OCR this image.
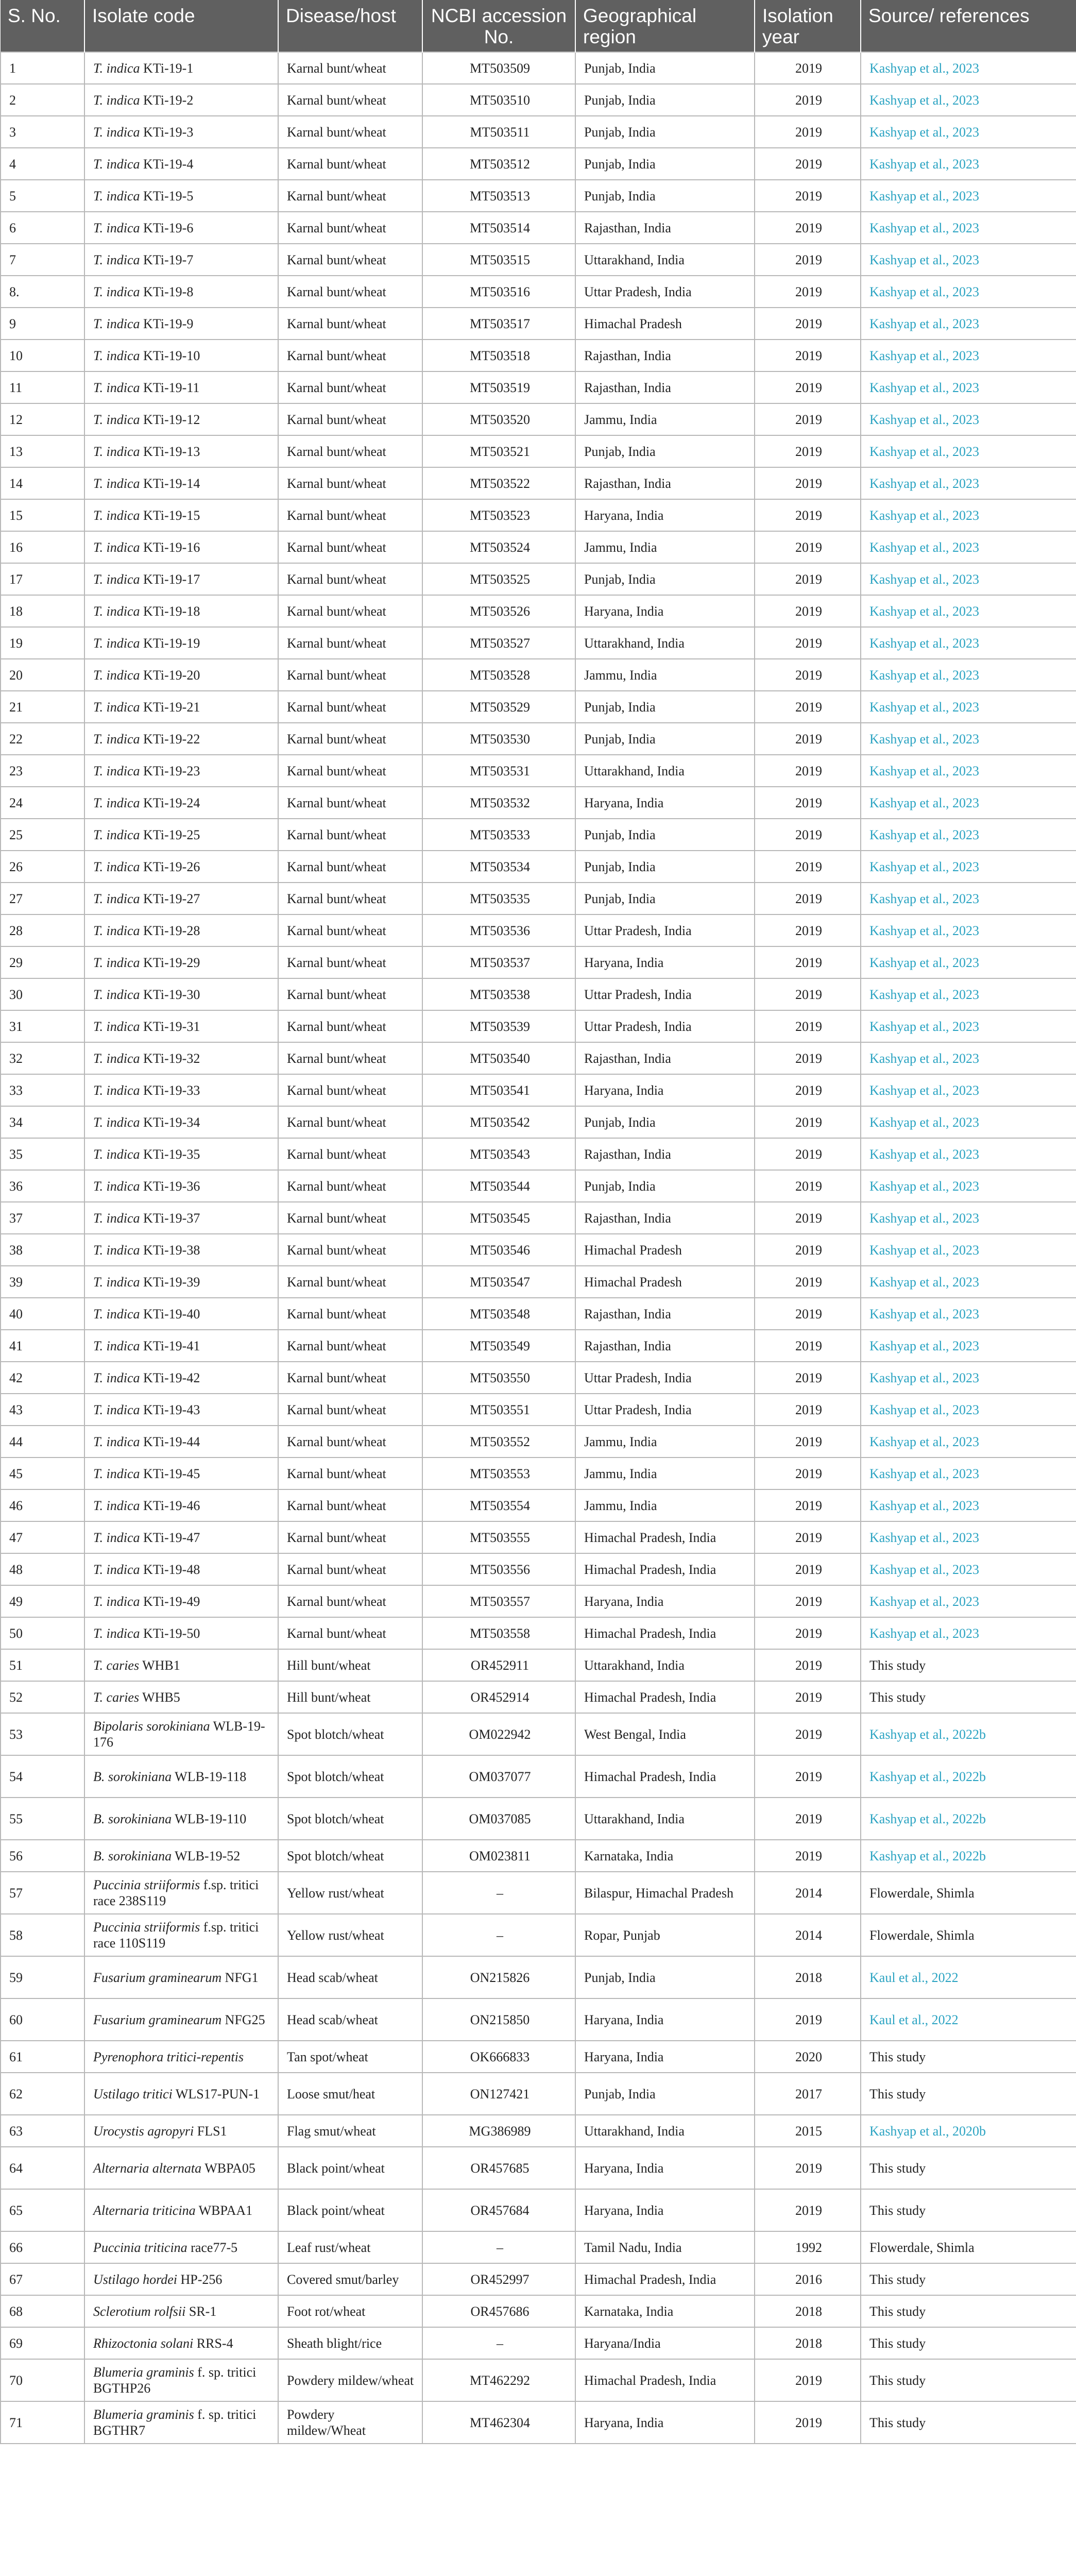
S. No.	Isolate code	Disease/host	NCBI accession No.	Geographical region	Isolation year	Source/ references
1	T. indica KTi-19-1	Karnal bunt/wheat	MT503509	Punjab, India	2019	Kashyap et al., 2023
2	T. indica KTi-19-2	Karnal bunt/wheat	MT503510	Punjab, India	2019	Kashyap et al., 2023
3	T. indica KTi-19-3	Karnal bunt/wheat	MT503511	Punjab, India	2019	Kashyap et al., 2023
4	T. indica KTi-19-4	Karnal bunt/wheat	MT503512	Punjab, India	2019	Kashyap et al., 2023
5	T. indica KTi-19-5	Karnal bunt/wheat	MT503513	Punjab, India	2019	Kashyap et al., 2023
6	T. indica KTi-19-6	Karnal bunt/wheat	MT503514	Rajasthan, India	2019	Kashyap et al., 2023
7	T. indica KTi-19-7	Karnal bunt/wheat	MT503515	Uttarakhand, India	2019	Kashyap et al., 2023
8.	T. indica KTi-19-8	Karnal bunt/wheat	MT503516	Uttar Pradesh, India	2019	Kashyap et al., 2023
9	T. indica KTi-19-9	Karnal bunt/wheat	MT503517	Himachal Pradesh	2019	Kashyap et al., 2023
10	T. indica KTi-19-10	Karnal bunt/wheat	MT503518	Rajasthan, India	2019	Kashyap et al., 2023
11	T. indica KTi-19-11	Karnal bunt/wheat	MT503519	Rajasthan, India	2019	Kashyap et al., 2023
12	T. indica KTi-19-12	Karnal bunt/wheat	MT503520	Jammu, India	2019	Kashyap et al., 2023
13	T. indica KTi-19-13	Karnal bunt/wheat	MT503521	Punjab, India	2019	Kashyap et al., 2023
14	T. indica KTi-19-14	Karnal bunt/wheat	MT503522	Rajasthan, India	2019	Kashyap et al., 2023
15	T. indica KTi-19-15	Karnal bunt/wheat	MT503523	Haryana, India	2019	Kashyap et al., 2023
16	T. indica KTi-19-16	Karnal bunt/wheat	MT503524	Jammu, India	2019	Kashyap et al., 2023
17	T. indica KTi-19-17	Karnal bunt/wheat	MT503525	Punjab, India	2019	Kashyap et al., 2023
18	T. indica KTi-19-18	Karnal bunt/wheat	MT503526	Haryana, India	2019	Kashyap et al., 2023
19	T. indica KTi-19-19	Karnal bunt/wheat	MT503527	Uttarakhand, India	2019	Kashyap et al., 2023
20	T. indica KTi-19-20	Karnal bunt/wheat	MT503528	Jammu, India	2019	Kashyap et al., 2023
21	T. indica KTi-19-21	Karnal bunt/wheat	MT503529	Punjab, India	2019	Kashyap et al., 2023
22	T. indica KTi-19-22	Karnal bunt/wheat	MT503530	Punjab, India	2019	Kashyap et al., 2023
23	T. indica KTi-19-23	Karnal bunt/wheat	MT503531	Uttarakhand, India	2019	Kashyap et al., 2023
24	T. indica KTi-19-24	Karnal bunt/wheat	MT503532	Haryana, India	2019	Kashyap et al., 2023
25	T. indica KTi-19-25	Karnal bunt/wheat	MT503533	Punjab, India	2019	Kashyap et al., 2023
26	T. indica KTi-19-26	Karnal bunt/wheat	MT503534	Punjab, India	2019	Kashyap et al., 2023
27	T. indica KTi-19-27	Karnal bunt/wheat	MT503535	Punjab, India	2019	Kashyap et al., 2023
28	T. indica KTi-19-28	Karnal bunt/wheat	MT503536	Uttar Pradesh, India	2019	Kashyap et al., 2023
29	T. indica KTi-19-29	Karnal bunt/wheat	MT503537	Haryana, India	2019	Kashyap et al., 2023
30	T. indica KTi-19-30	Karnal bunt/wheat	MT503538	Uttar Pradesh, India	2019	Kashyap et al., 2023
31	T. indica KTi-19-31	Karnal bunt/wheat	MT503539	Uttar Pradesh, India	2019	Kashyap et al., 2023
32	T. indica KTi-19-32	Karnal bunt/wheat	MT503540	Rajasthan, India	2019	Kashyap et al., 2023
33	T. indica KTi-19-33	Karnal bunt/wheat	MT503541	Haryana, India	2019	Kashyap et al., 2023
34	T. indica KTi-19-34	Karnal bunt/wheat	MT503542	Punjab, India	2019	Kashyap et al., 2023
35	T. indica KTi-19-35	Karnal bunt/wheat	MT503543	Rajasthan, India	2019	Kashyap et al., 2023
36	T. indica KTi-19-36	Karnal bunt/wheat	MT503544	Punjab, India	2019	Kashyap et al., 2023
37	T. indica KTi-19-37	Karnal bunt/wheat	MT503545	Rajasthan, India	2019	Kashyap et al., 2023
38	T. indica KTi-19-38	Karnal bunt/wheat	MT503546	Himachal Pradesh	2019	Kashyap et al., 2023
39	T. indica KTi-19-39	Karnal bunt/wheat	MT503547	Himachal Pradesh	2019	Kashyap et al., 2023
40	T. indica KTi-19-40	Karnal bunt/wheat	MT503548	Rajasthan, India	2019	Kashyap et al., 2023
41	T. indica KTi-19-41	Karnal bunt/wheat	MT503549	Rajasthan, India	2019	Kashyap et al., 2023
42	T. indica KTi-19-42	Karnal bunt/wheat	MT503550	Uttar Pradesh, India	2019	Kashyap et al., 2023
43	T. indica KTi-19-43	Karnal bunt/wheat	MT503551	Uttar Pradesh, India	2019	Kashyap et al., 2023
44	T. indica KTi-19-44	Karnal bunt/wheat	MT503552	Jammu, India	2019	Kashyap et al., 2023
45	T. indica KTi-19-45	Karnal bunt/wheat	MT503553	Jammu, India	2019	Kashyap et al., 2023
46	T. indica KTi-19-46	Karnal bunt/wheat	MT503554	Jammu, India	2019	Kashyap et al., 2023
47	T. indica KTi-19-47	Karnal bunt/wheat	MT503555	Himachal Pradesh, India	2019	Kashyap et al., 2023
48	T. indica KTi-19-48	Karnal bunt/wheat	MT503556	Himachal Pradesh, India	2019	Kashyap et al., 2023
49	T. indica KTi-19-49	Karnal bunt/wheat	MT503557	Haryana, India	2019	Kashyap et al., 2023
50	T. indica KTi-19-50	Karnal bunt/wheat	MT503558	Himachal Pradesh, India	2019	Kashyap et al., 2023
51	T. caries WHB1	Hill bunt/wheat	OR452911	Uttarakhand, India	2019	This study
52	T. caries WHB5	Hill bunt/wheat	OR452914	Himachal Pradesh, India	2019	This study
53	Bipolaris sorokiniana WLB-19-176	Spot blotch/wheat	OM022942	West Bengal, India	2019	Kashyap et al., 2022b
54	B. sorokiniana WLB-19-118	Spot blotch/wheat	OM037077	Himachal Pradesh, India	2019	Kashyap et al., 2022b
55	B. sorokiniana WLB-19-110	Spot blotch/wheat	OM037085	Uttarakhand, India	2019	Kashyap et al., 2022b
56	B. sorokiniana WLB-19-52	Spot blotch/wheat	OM023811	Karnataka, India	2019	Kashyap et al., 2022b
57	Puccinia striiformis f.sp. tritici race 238S119	Yellow rust/wheat	–	Bilaspur, Himachal Pradesh	2014	Flowerdale, Shimla
58	Puccinia striiformis f.sp. tritici race 110S119	Yellow rust/wheat	–	Ropar, Punjab	2014	Flowerdale, Shimla
59	Fusarium graminearum NFG1	Head scab/wheat	ON215826	Punjab, India	2018	Kaul et al., 2022
60	Fusarium graminearum NFG25	Head scab/wheat	ON215850	Haryana, India	2019	Kaul et al., 2022
61	Pyrenophora tritici-repentis	Tan spot/wheat	OK666833	Haryana, India	2020	This study
62	Ustilago tritici WLS17-PUN-1	Loose smut/heat	ON127421	Punjab, India	2017	This study
63	Urocystis agropyri FLS1	Flag smut/wheat	MG386989	Uttarakhand, India	2015	Kashyap et al., 2020b
64	Alternaria alternata WBPA05	Black point/wheat	OR457685	Haryana, India	2019	This study
65	Alternaria triticina WBPAA1	Black point/wheat	OR457684	Haryana, India	2019	This study
66	Puccinia triticina race77-5	Leaf rust/wheat	–	Tamil Nadu, India	1992	Flowerdale, Shimla
67	Ustilago hordei HP-256	Covered smut/barley	OR452997	Himachal Pradesh, India	2016	This study
68	Sclerotium rolfsii SR-1	Foot rot/wheat	OR457686	Karnataka, India	2018	This study
69	Rhizoctonia solani RRS-4	Sheath blight/rice	–	Haryana/India	2018	This study
70	Blumeria graminis f. sp. tritici BGTHP26	Powdery mildew/wheat	MT462292	Himachal Pradesh, India	2019	This study
71	Blumeria graminis f. sp. tritici BGTHR7	Powdery mildew/Wheat	MT462304	Haryana, India	2019	This study
